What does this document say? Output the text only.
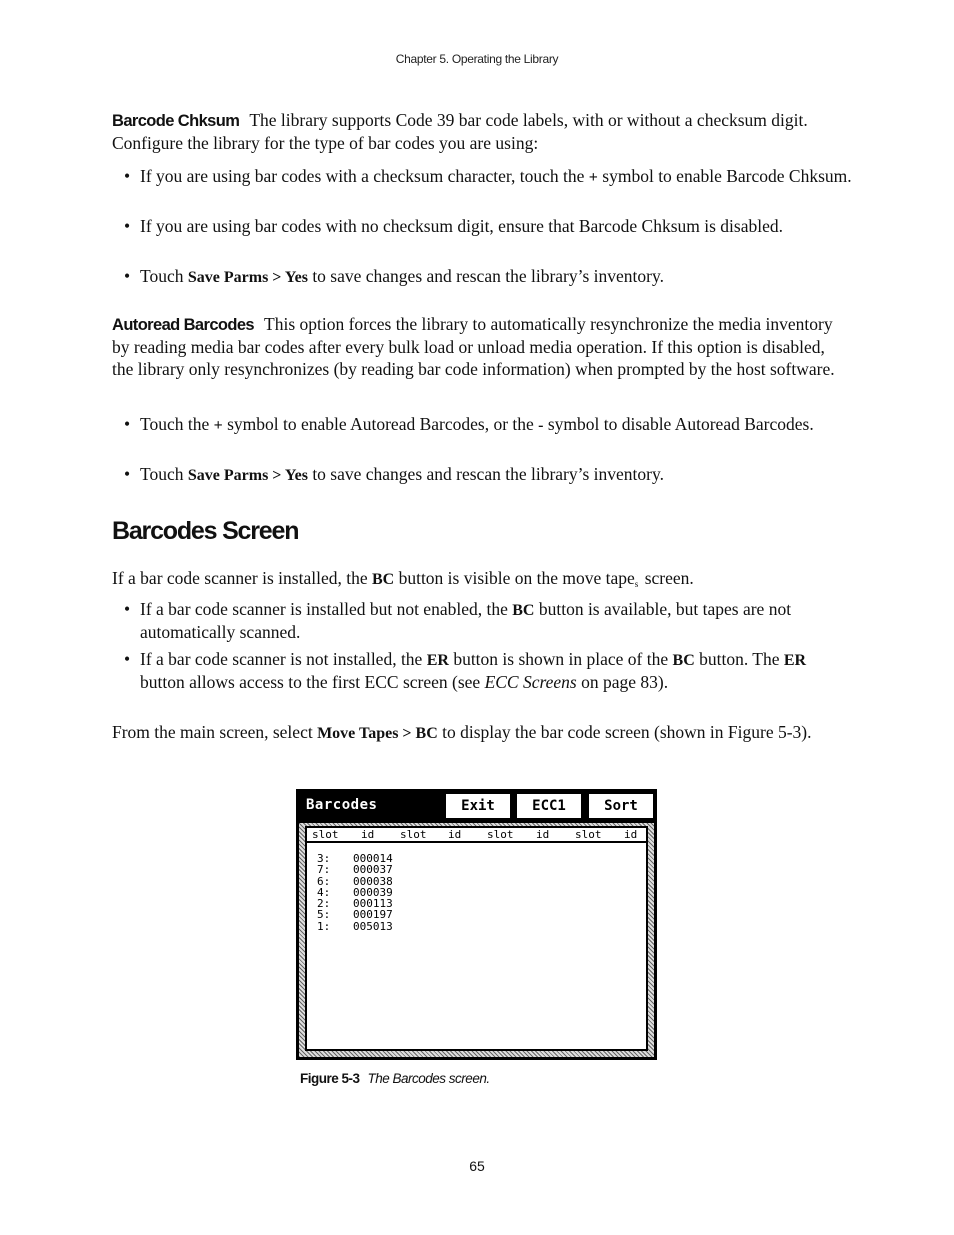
Chapter 5. Operating the Library
Barcode Chksum The library supports Code 39 bar code labels, with or without a checksum digit. Configure the library for the type of bar codes you are using:
• If you are using bar codes with a checksum character, touch the + symbol to enable Barcode Chksum.
• If you are using bar codes with no checksum digit, ensure that Barcode Chksum is disabled.
• Touch Save Parms > Yes to save changes and rescan the library’s inventory.
Autoread Barcodes This option forces the library to automatically resynchronize the media inventory by reading media bar codes after every bulk load or unload media operation. If this option is disabled, the library only resynchronizes (by reading bar code information) when prompted by the host software.
• Touch the + symbol to enable Autoread Barcodes, or the - symbol to disable Autoread Barcodes.
• Touch Save Parms > Yes to save changes and rescan the library’s inventory.
Barcodes Screen
If a bar code scanner is installed, the BC button is visible on the move tape$_s$ screen.
• If a bar code scanner is installed but not enabled, the BC button is available, but tapes are not automatically scanned.
• If a bar code scanner is not installed, the ER button is shown in place of the BC button. The ER button allows access to the first ECC screen (see ECC Screens on page 83).
From the main screen, select Move Tapes > BC to display the bar code screen (shown in Figure 5-3).
Barcodes	Exit	ECC1	Sort
slot id slot id slot id slot id
3: 000014
7: 000037
6: 000038
4: 000039
2: 000113
5: 000197
1: 005013
Figure 5-3 The Barcodes screen.
65
